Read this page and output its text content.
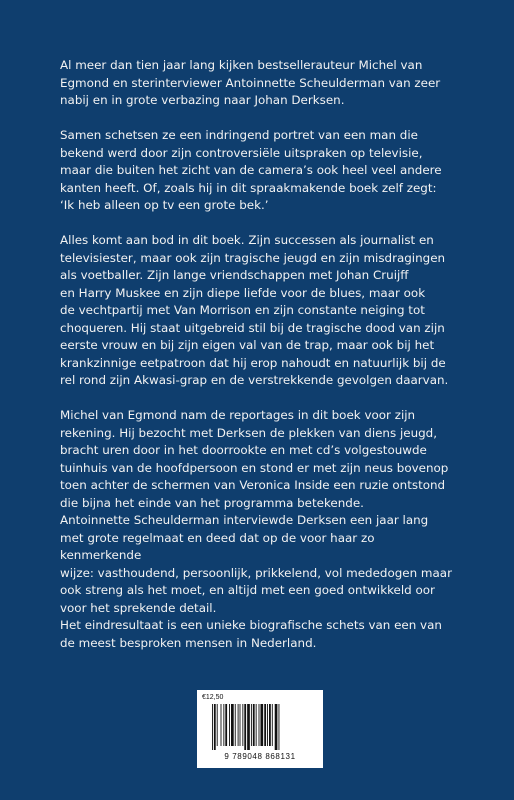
Al meer dan tien jaar lang kijken bestsellerauteur Michel van
Egmond en sterinterviewer Antoinnette Scheulderman van zeer
nabij en in grote verbazing naar Johan Derksen.

Samen schetsen ze een indringend portret van een man die
bekend werd door zijn controversiële uitspraken op televisie,
maar die buiten het zicht van de camera’s ook heel veel andere
kanten heeft. Of, zoals hij in dit spraakmakende boek zelf zegt:
‘Ik heb alleen op tv een grote bek.’

Alles komt aan bod in dit boek. Zijn successen als journalist en
televisiester, maar ook zijn tragische jeugd en zijn misdragingen
als voetballer. Zijn lange vriendschappen met Johan Cruijff
en Harry Muskee en zijn diepe liefde voor de blues, maar ook
de vechtpartij met Van Morrison en zijn constante neiging tot
choqueren. Hij staat uitgebreid stil bij de tragische dood van zijn
eerste vrouw en bij zijn eigen val van de trap, maar ook bij het
krankzinnige eetpatroon dat hij erop nahoudt en natuurlijk bij de
rel rond zijn Akwasi-grap en de verstrekkende gevolgen daarvan.

Michel van Egmond nam de reportages in dit boek voor zijn
rekening. Hij bezocht met Derksen de plekken van diens jeugd,
bracht uren door in het doorrookte en met cd’s volgestouwde
tuinhuis van de hoofdpersoon en stond er met zijn neus bovenop
toen achter de schermen van Veronica Inside een ruzie ontstond
die bijna het einde van het programma betekende.

Antoinnette Scheulderman interviewde Derksen een jaar lang
met grote regelmaat en deed dat op de voor haar zo kenmerkende
wijze: vasthoudend, persoonlijk, prikkelend, vol mededogen maar
ook streng als het moet, en altijd met een goed ontwikkeld oor
voor het sprekende detail.

Het eindresultaat is een unieke biografische schets van een van
de meest besproken mensen in Nederland.

€12,50
9 789048 868131
